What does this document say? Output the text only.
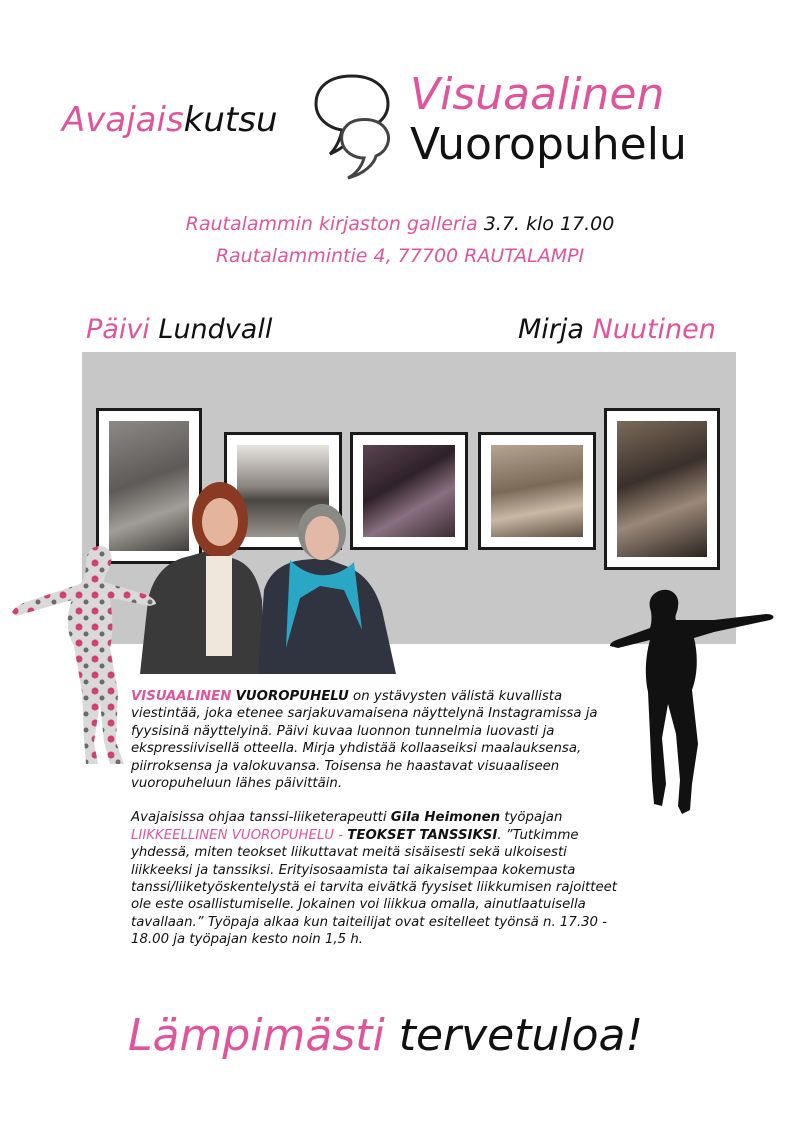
Avajaiskutsu	Visuaalinen
Vuoropuhelu
Rautalammin kirjaston galleria 3.7. klo 17.00
Rautalammintie 4, 77700 RAUTALAMPI
Päivi Lundvall	Mirja Nuutinen

VISUAALINEN VUOROPUHELU on ystävysten välistä kuvallista viestintää, joka etenee sarjakuvamaisena näyttelynä Instagramissa ja fyysisinä näyttelyinä. Päivi kuvaa luonnon tunnelmia luovasti ja ekspressiivisellä otteella. Mirja yhdistää kollaaseiksi maalauksensa, piirroksensa ja valokuvansa. Toisensa he haastavat visuaaliseen vuoropuheluun lähes päivittäin.

Avajaisissa ohjaa tanssi-liiketerapeutti Gila Heimonen työpajan LIIKKEELLINEN VUOROPUHELU - TEOKSET TANSSIKSI. ”Tutkimme yhdessä, miten teokset liikuttavat meitä sisäisesti sekä ulkoisesti liikkeeksi ja tanssiksi. Erityisosaamista tai aikaisempaa kokemusta tanssi/liiketyöskentelystä ei tarvita eivätkä fyysiset liikkumisen rajoitteet ole este osallistumiselle. Jokainen voi liikkua omalla, ainutlaatuisella tavallaan.” Työpaja alkaa kun taiteilijat ovat esitelleet työnsä n. 17.30 - 18.00 ja työpajan kesto noin 1,5 h.

Lämpimästi tervetuloa!
